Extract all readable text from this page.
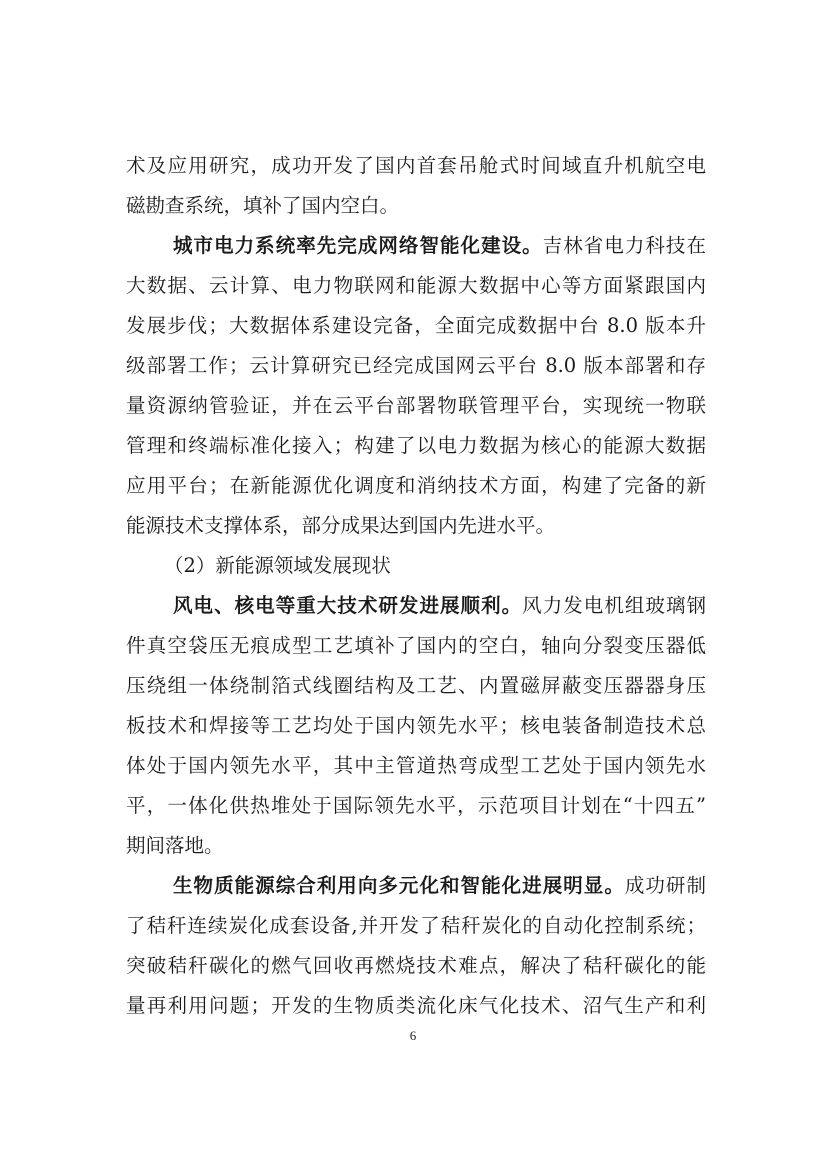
术及应用研究，成功开发了国内首套吊舱式时间域直升机航空电
磁勘查系统，填补了国内空白。
城市电力系统率先完成网络智能化建设。吉林省电力科技在
大数据、云计算、电力物联网和能源大数据中心等方面紧跟国内
发展步伐；大数据体系建设完备，全面完成数据中台 8.0 版本升
级部署工作；云计算研究已经完成国网云平台 8.0 版本部署和存
量资源纳管验证，并在云平台部署物联管理平台，实现统一物联
管理和终端标准化接入；构建了以电力数据为核心的能源大数据
应用平台；在新能源优化调度和消纳技术方面，构建了完备的新
能源技术支撑体系，部分成果达到国内先进水平。
（2）新能源领域发展现状
风电、核电等重大技术研发进展顺利。风力发电机组玻璃钢
件真空袋压无痕成型工艺填补了国内的空白，轴向分裂变压器低
压绕组一体绕制箔式线圈结构及工艺、内置磁屏蔽变压器器身压
板技术和焊接等工艺均处于国内领先水平；核电装备制造技术总
体处于国内领先水平，其中主管道热弯成型工艺处于国内领先水
平，一体化供热堆处于国际领先水平，示范项目计划在“十四五”
期间落地。
生物质能源综合利用向多元化和智能化进展明显。成功研制
了秸秆连续炭化成套设备,并开发了秸秆炭化的自动化控制系统；
突破秸秆碳化的燃气回收再燃烧技术难点，解决了秸秆碳化的能
量再利用问题；开发的生物质类流化床气化技术、沼气生产和利
6
